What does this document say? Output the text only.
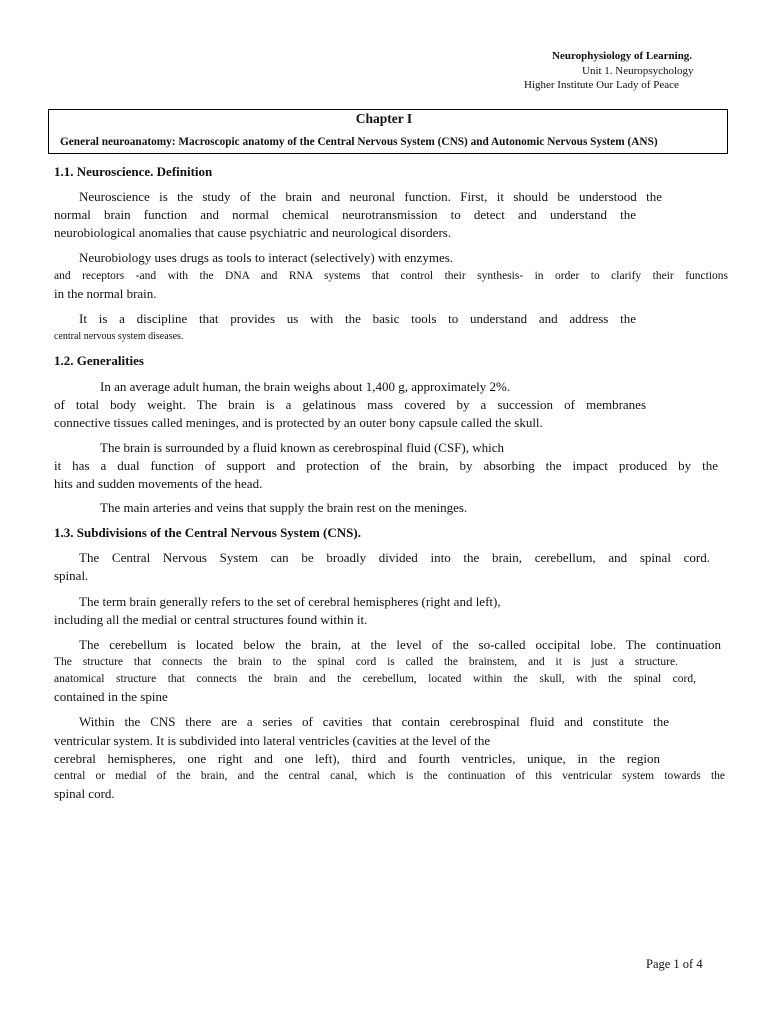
Neurophysiology of Learning.
Unit 1. Neuropsychology
Higher Institute Our Lady of Peace
Chapter I
General neuroanatomy: Macroscopic anatomy of the Central Nervous System (CNS) and Autonomic Nervous System (ANS)
1.1. Neuroscience. Definition
Neuroscience is the study of the brain and neuronal function. First, it should be understood the
normal brain function and normal chemical neurotransmission to detect and understand the
neurobiological anomalies that cause psychiatric and neurological disorders.
Neurobiology uses drugs as tools to interact (selectively) with enzymes.
and receptors -and with the DNA and RNA systems that control their synthesis- in order to clarify their functions
in the normal brain.
It is a discipline that provides us with the basic tools to understand and address the
central nervous system diseases.
1.2. Generalities
In an average adult human, the brain weighs about 1,400 g, approximately 2%.
of total body weight. The brain is a gelatinous mass covered by a succession of membranes
connective tissues called meninges, and is protected by an outer bony capsule called the skull.
The brain is surrounded by a fluid known as cerebrospinal fluid (CSF), which
it has a dual function of support and protection of the brain, by absorbing the impact produced by the
hits and sudden movements of the head.
The main arteries and veins that supply the brain rest on the meninges.
1.3. Subdivisions of the Central Nervous System (CNS).
The Central Nervous System can be broadly divided into the brain, cerebellum, and spinal cord.
spinal.
The term brain generally refers to the set of cerebral hemispheres (right and left),
including all the medial or central structures found within it.
The cerebellum is located below the brain, at the level of the so-called occipital lobe. The continuation
The structure that connects the brain to the spinal cord is called the brainstem, and it is just a structure.
anatomical structure that connects the brain and the cerebellum, located within the skull, with the spinal cord,
contained in the spine
Within the CNS there are a series of cavities that contain cerebrospinal fluid and constitute the
ventricular system. It is subdivided into lateral ventricles (cavities at the level of the
cerebral hemispheres, one right and one left), third and fourth ventricles, unique, in the region
central or medial of the brain, and the central canal, which is the continuation of this ventricular system towards the
spinal cord.
Page 1 of 4
